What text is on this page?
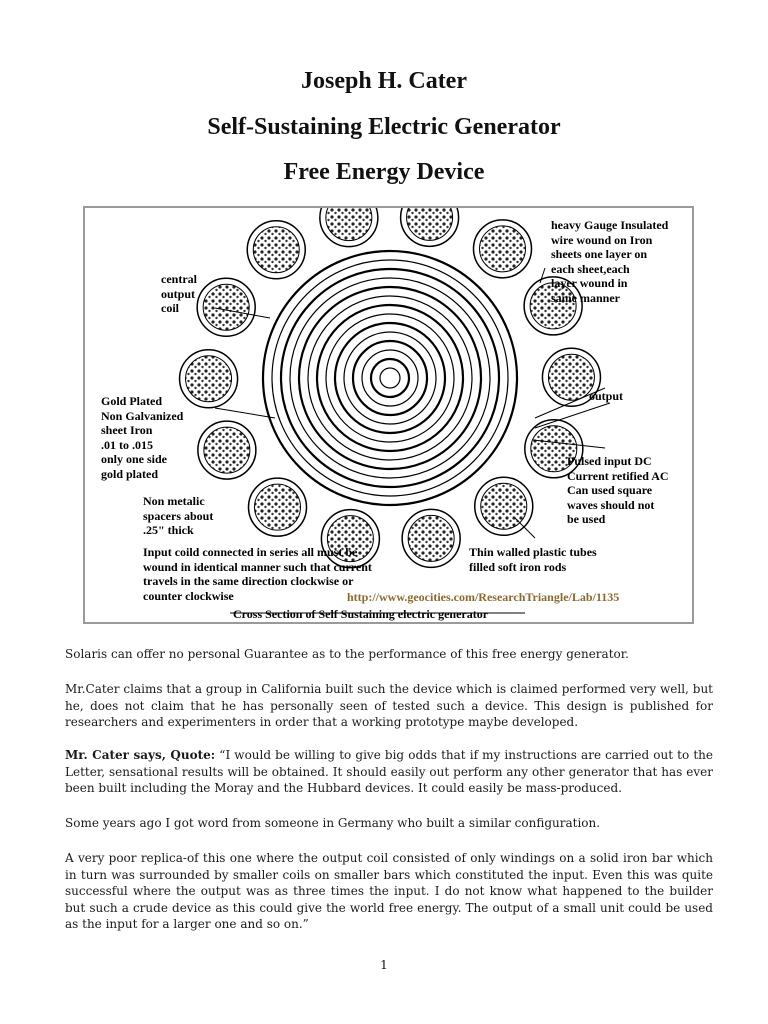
Joseph H. Cater
Self-Sustaining Electric Generator
Free Energy Device
heavy Gauge Insulated
wire wound on Iron
sheets one layer on
each sheet,each
layer wound in
same manner
central
output
coil
Gold Plated
Non Galvanized
sheet Iron
.01 to .015
only one side
gold plated
output
Pulsed input DC
Current retified AC
Can used square
waves should not
be used
Non metalic
spacers about
.25" thick
Input coild connected in series all must be
wound in identical manner such that current
travels in the same direction clockwise or
counter clockwise
Thin walled plastic tubes
filled soft iron rods
http://www.geocities.com/ResearchTriangle/Lab/1135
Cross Section of Self Sustaining electric generator

Solaris can offer no personal Guarantee as to the performance of this free energy generator.

Mr.Cater claims that a group in California built such the device which is claimed performed very well, but he, does not claim that he has personally seen of tested such a device. This design is published for researchers and experimenters in order that a working prototype maybe developed.

Mr. Cater says, Quote: “I would be willing to give big odds that if my instructions are carried out to the Letter, sensational results will be obtained. It should easily out perform any other generator that has ever been built including the Moray and the Hubbard devices. It could easily be mass-produced.

Some years ago I got word from someone in Germany who built a similar configuration.

A very poor replica-of this one where the output coil consisted of only windings on a solid iron bar which in turn was surrounded by smaller coils on smaller bars which constituted the input. Even this was quite successful where the output was as three times the input. I do not know what happened to the builder but such a crude device as this could give the world free energy. The output of a small unit could be used as the input for a larger one and so on.”

1
